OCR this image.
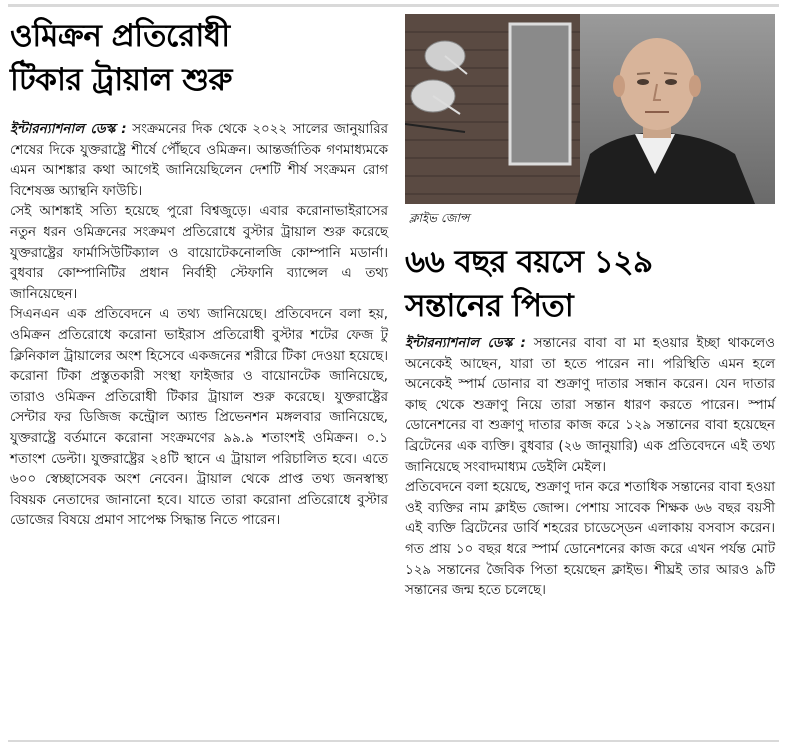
ওমিক্রন প্রতিরোধী
টিকার ট্রায়াল শুরু

ইন্টারন্যাশনাল ডেস্ক : সংক্রমনের দিক থেকে ২০২২ সালের জানুয়ারির শেষের দিকে যুক্তরাষ্ট্রে শীর্ষে পৌঁছবে ওমিক্রন। আন্তর্জাতিক গণমাধ্যমকে এমন আশঙ্কার কথা আগেই জানিয়েছিলেন দেশটি শীর্ষ সংক্রমন রোগ বিশেষজ্ঞ অ্যান্থনি ফাউচি।

সেই আশঙ্কাই সত্যি হয়েছে পুরো বিশ্বজুড়ে। এবার করোনাভাইরাসের নতুন ধরন ওমিক্রনের সংক্রমণ প্রতিরোধে বুস্টার ট্রায়াল শুরু করেছে যুক্তরাষ্ট্রের ফার্মাসিউটিক্যাল ও বায়োটেকনোলজি কোম্পানি মডার্না। বুধবার কোম্পানিটির প্রধান নির্বাহী স্টেফানি ব্যান্সেল এ তথ্য জানিয়েছেন।

সিএনএন এক প্রতিবেদনে এ তথ্য জানিয়েছে। প্রতিবেদনে বলা হয়, ওমিক্রন প্রতিরোধে করোনা ভাইরাস প্রতিরোধী বুস্টার শটের ফেজ টু ক্লিনিকাল ট্রায়ালের অংশ হিসেবে একজনের শরীরে টিকা দেওয়া হয়েছে। করোনা টিকা প্রস্তুতকারী সংস্থা ফাইজার ও বায়োনটেক জানিয়েছে, তারাও ওমিক্রন প্রতিরোধী টিকার ট্রায়াল শুরু করেছে। যুক্তরাষ্ট্রের সেন্টার ফর ডিজিজ কন্ট্রোল অ্যান্ড প্রিভেনশন মঙ্গলবার জানিয়েছে, যুক্তরাষ্ট্রে বর্তমানে করোনা সংক্রমণের ৯৯.৯ শতাংশই ওমিক্রন। ০.১ শতাংশ ডেল্টা। যুক্তরাষ্ট্রের ২৪টি স্থানে এ ট্রায়াল পরিচালিত হবে। এতে ৬০০ স্বেচ্ছাসেবক অংশ নেবেন। ট্রায়াল থেকে প্রাপ্ত তথ্য জনস্বাস্থ্য বিষয়ক নেতাদের জানানো হবে। যাতে তারা করোনা প্রতিরোধে বুস্টার ডোজের বিষয়ে প্রমাণ সাপেক্ষ সিদ্ধান্ত নিতে পারেন।

ক্লাইভ জোন্স
৬৬ বছর বয়সে ১২৯
সন্তানের পিতা

ইন্টারন্যাশনাল ডেস্ক : সন্তানের বাবা বা মা হওয়ার ইচ্ছা থাকলেও অনেকেই আছেন, যারা তা হতে পারেন না। পরিস্থিতি এমন হলে অনেকেই স্পার্ম ডোনার বা শুক্রাণু দাতার সন্ধান করেন। যেন দাতার কাছ থেকে শুক্রাণু নিয়ে তারা সন্তান ধারণ করতে পারেন। স্পার্ম ডোনেশনের বা শুক্রাণু দাতার কাজ করে ১২৯ সন্তানের বাবা হয়েছেন ব্রিটেনের এক ব্যক্তি। বুধবার (২৬ জানুয়ারি) এক প্রতিবেদনে এই তথ্য জানিয়েছে সংবাদমাধ্যম ডেইলি মেইল।

প্রতিবেদনে বলা হয়েছে, শুক্রাণু দান করে শতাধিক সন্তানের বাবা হওয়া ওই ব্যক্তির নাম ক্লাইভ জোন্স। পেশায় সাবেক শিক্ষক ৬৬ বছর বয়সী এই ব্যক্তি ব্রিটেনের ডার্বি শহরের চাডেস্ডেন এলাকায় বসবাস করেন। গত প্রায় ১০ বছর ধরে স্পার্ম ডোনেশনের কাজ করে এখন পর্যন্ত মোট ১২৯ সন্তানের জৈবিক পিতা হয়েছেন ক্লাইভ। শীঘ্রই তার আরও ৯টি সন্তানের জন্ম হতে চলেছে।
